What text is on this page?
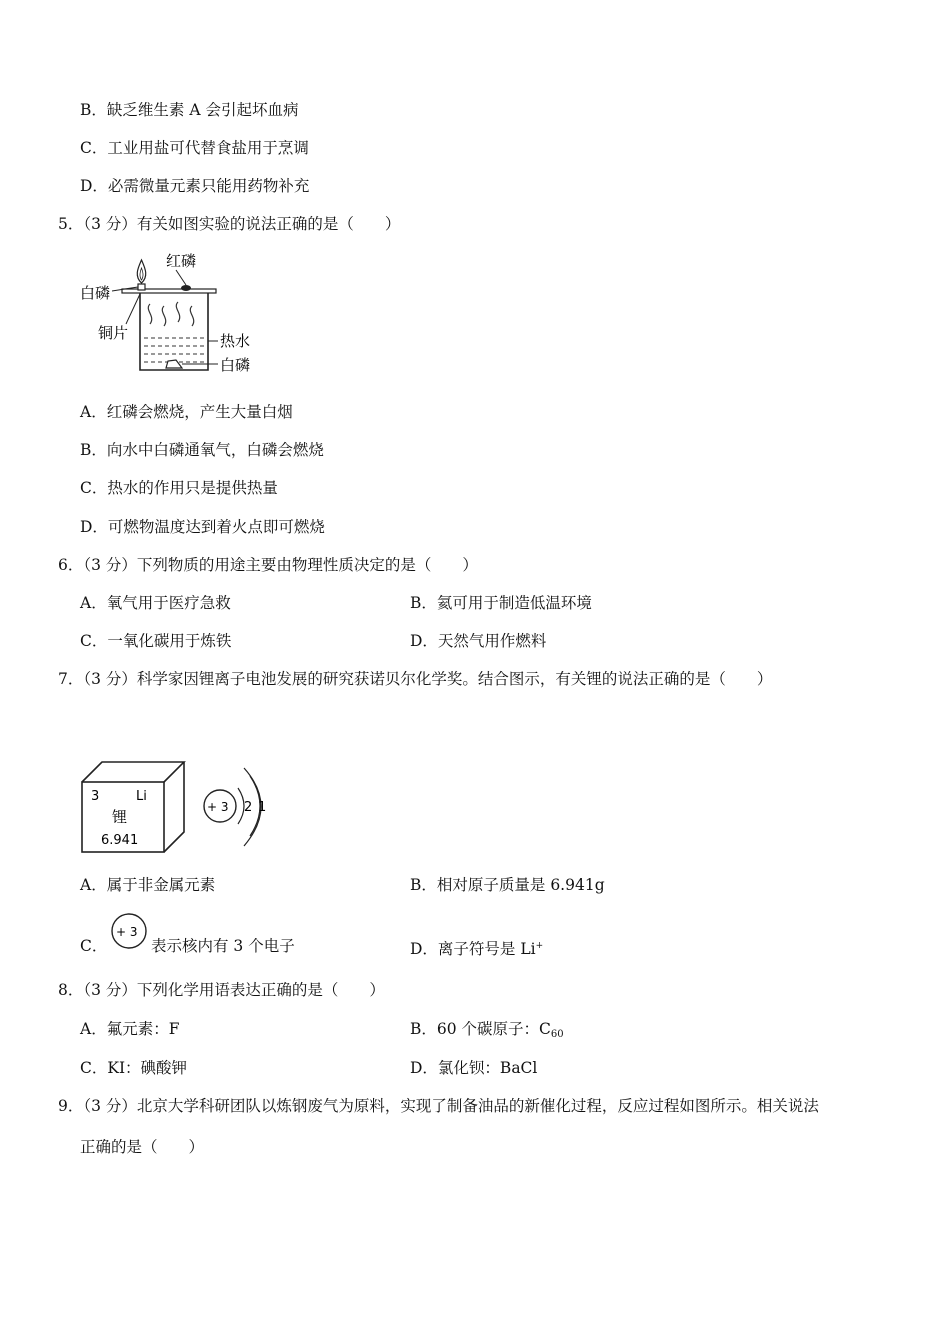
B．缺乏维生素 A 会引起坏血病
C．工业用盐可代替食盐用于烹调
D．必需微量元素只能用药物补充
5．（3 分）有关如图实验的说法正确的是（　　）
红磷
白磷
铜片	热水
白磷
A．红磷会燃烧，产生大量白烟
B．向水中白磷通氧气，白磷会燃烧
C．热水的作用只是提供热量
D．可燃物温度达到着火点即可燃烧
6．（3 分）下列物质的用途主要由物理性质决定的是（　　）
A．氧气用于医疗急救	B．氦可用于制造低温环境
C．一氧化碳用于炼铁	D．天然气用作燃料
7．（3 分）科学家因锂离子电池发展的研究获诺贝尔化学奖。结合图示，有关锂的说法正确的是（　　）
3	Li
锂
6.941
+ 3 2 1
A．属于非金属元素	B．相对原子质量是 6.941g
C．
+ 3
表示核内有 3 个电子	D．离子符号是 Li+
8．（3 分）下列化学用语表达正确的是（　　）
A．氟元素：F	B．60 个碳原子：$C_{60}$
C．KI：碘酸钾	D．氯化钡：BaCl
9．（3 分）北京大学科研团队以炼钢废气为原料，实现了制备油品的新催化过程，反应过程如图所示。相关说法
正确的是（　　）
